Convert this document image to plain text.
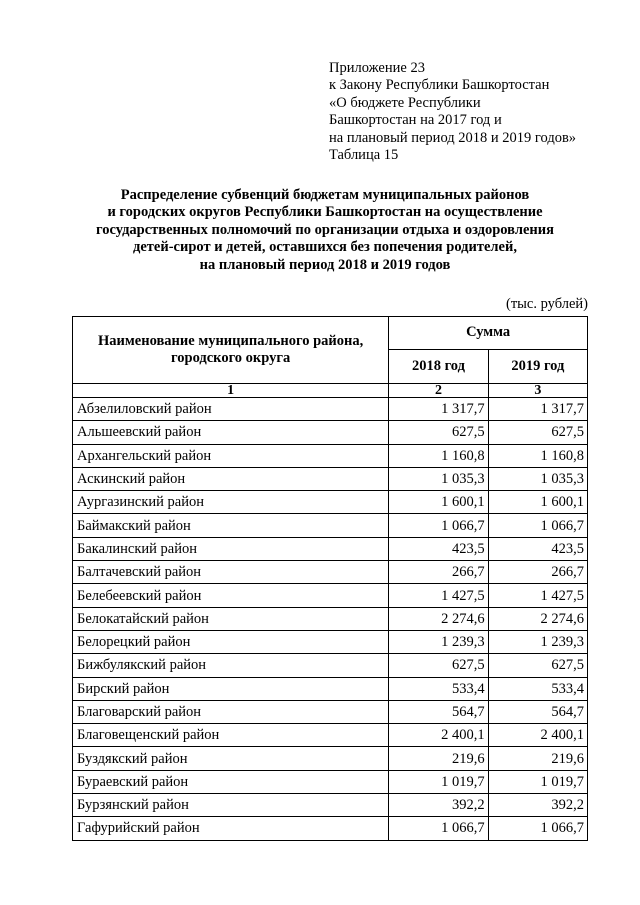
Приложение 23
к Закону Республики Башкортостан
«О бюджете Республики
Башкортостан на 2017 год и
на плановый период 2018 и 2019 годов»
Таблица 15
Распределение субвенций бюджетам муниципальных районов
и городских округов Республики Башкортостан на осуществление
государственных полномочий по организации отдыха и оздоровления
детей-сирот и детей, оставшихся без попечения родителей,
на плановый период 2018 и 2019 годов
(тыс. рублей)
Наименование муниципального района, городского округа	Сумма	
	2018 год	2019 год
1	2	3
Абзелиловский район	1 317,7	1 317,7
Альшеевский район	627,5	627,5
Архангельский район	1 160,8	1 160,8
Аскинский район	1 035,3	1 035,3
Аургазинский район	1 600,1	1 600,1
Баймакский район	1 066,7	1 066,7
Бакалинский район	423,5	423,5
Балтачевский район	266,7	266,7
Белебеевский район	1 427,5	1 427,5
Белокатайский район	2 274,6	2 274,6
Белорецкий район	1 239,3	1 239,3
Бижбулякский район	627,5	627,5
Бирский район	533,4	533,4
Благоварский район	564,7	564,7
Благовещенский район	2 400,1	2 400,1
Буздякский район	219,6	219,6
Бураевский район	1 019,7	1 019,7
Бурзянский район	392,2	392,2
Гафурийский район	1 066,7	1 066,7
